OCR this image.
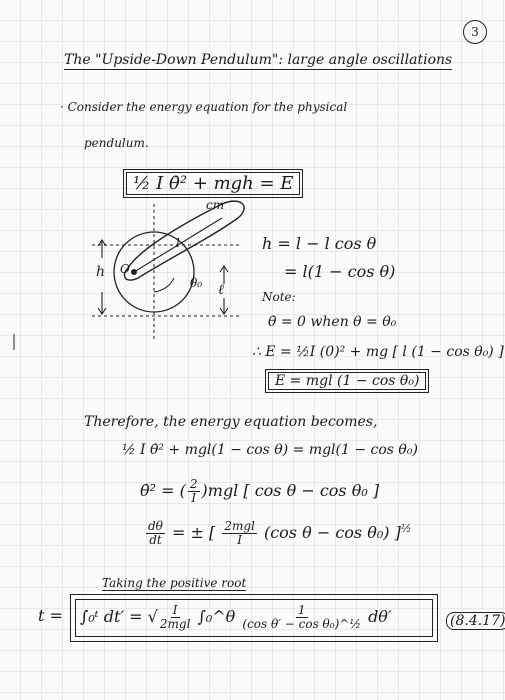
3
The "Upside-Down Pendulum": large angle oscillations
· Consider the energy equation for the physical
pendulum.
½ I θ̇² + mgh = E
h
cm
O
l
θ₀ ℓ
h = l − l cos θ
= l(1 − cos θ)
Note:
θ̇ = 0 when θ = θ₀
∴ E = ½I (0)² + mg [ l (1 − cos θ₀) ]
E = mgl (1 − cos θ₀)
Therefore, the energy equation becomes,
½ I θ̇² + mgl(1 − cos θ) = mgl(1 − cos θ₀)
θ̇² = ( $\frac{2}{I} )mgl$ [ cos θ − cos θ₀ ]
$\frac{d\theta}{dt}$ = ± [ $\frac{\text{2mgl}}{I} (\cos$ θ − cos θ₀) ]$^{\frac{1}{2}}$
Taking the positive root
t = ∫₀ᵗ dt′ = √ $\frac{I}{\text{2mgl}}$ ∫₀^θ $\frac{1}{\text{(cos θ′ − cos θ₀)\textasciicircum{}½}} d\theta'$	(8.4.17)
